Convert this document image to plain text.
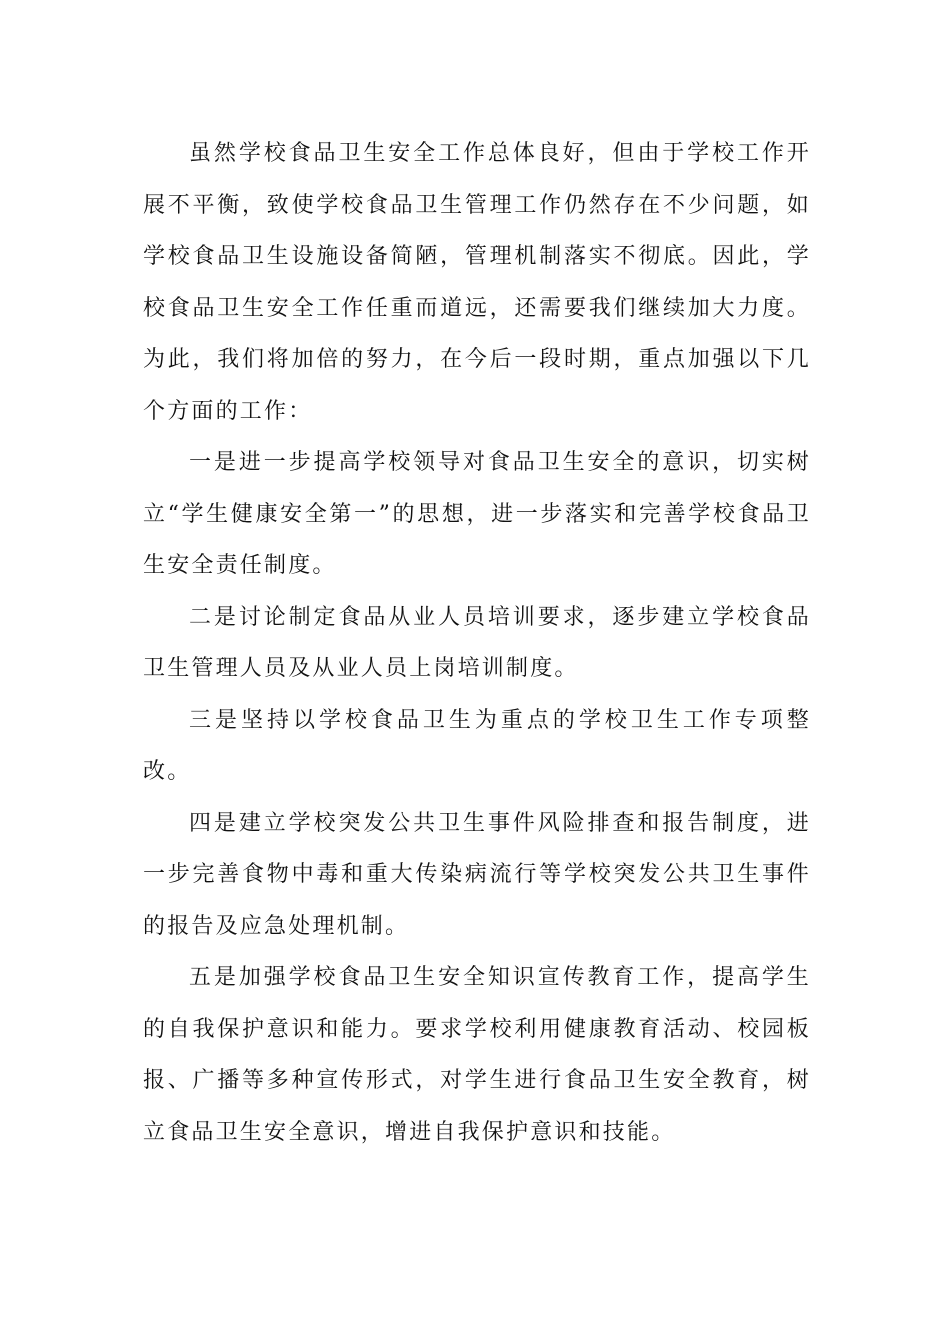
虽然学校食品卫生安全工作总体良好，但由于学校工作开展不平衡，致使学校食品卫生管理工作仍然存在不少问题，如学校食品卫生设施设备简陋，管理机制落实不彻底。因此，学校食品卫生安全工作任重而道远，还需要我们继续加大力度。为此，我们将加倍的努力，在今后一段时期，重点加强以下几个方面的工作：

一是进一步提高学校领导对食品卫生安全的意识，切实树立“学生健康安全第一”的思想，进一步落实和完善学校食品卫生安全责任制度。

二是讨论制定食品从业人员培训要求，逐步建立学校食品卫生管理人员及从业人员上岗培训制度。

三是坚持以学校食品卫生为重点的学校卫生工作专项整改。

四是建立学校突发公共卫生事件风险排查和报告制度，进一步完善食物中毒和重大传染病流行等学校突发公共卫生事件的报告及应急处理机制。

五是加强学校食品卫生安全知识宣传教育工作，提高学生的自我保护意识和能力。要求学校利用健康教育活动、校园板报、广播等多种宣传形式，对学生进行食品卫生安全教育，树立食品卫生安全意识，增进自我保护意识和技能。
